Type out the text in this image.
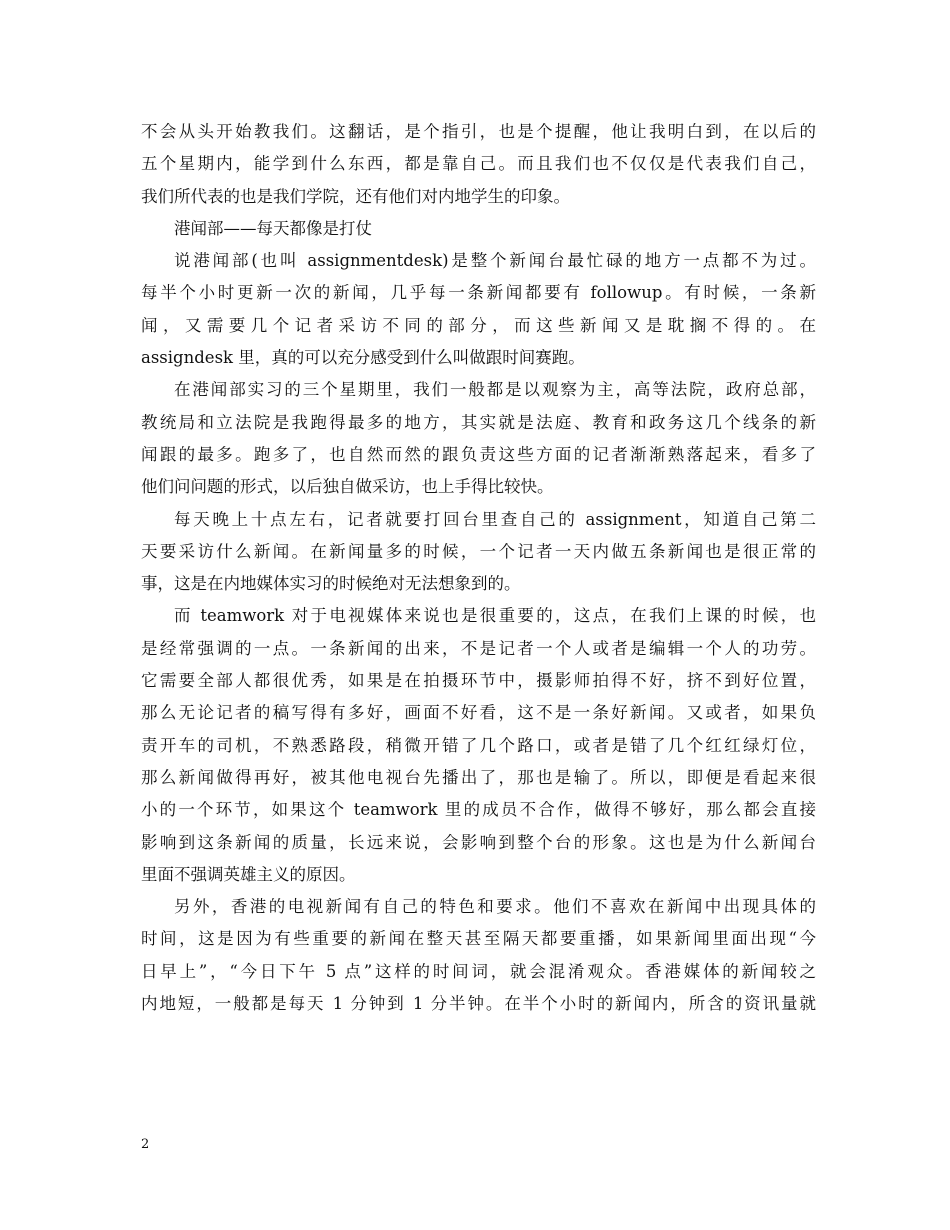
不会从头开始教我们。这翻话，是个指引，也是个提醒，他让我明白到，在以后的
五个星期内，能学到什么东西，都是靠自己。而且我们也不仅仅是代表我们自己，
我们所代表的也是我们学院，还有他们对内地学生的印象。
港闻部——每天都像是打仗
说港闻部(也叫 assignmentdesk)是整个新闻台最忙碌的地方一点都不为过。
每半个小时更新一次的新闻，几乎每一条新闻都要有 followup。有时候，一条新
闻，又需要几个记者采访不同的部分，而这些新闻又是耽搁不得的。在
assigndesk 里，真的可以充分感受到什么叫做跟时间赛跑。
在港闻部实习的三个星期里，我们一般都是以观察为主，高等法院，政府总部，
教统局和立法院是我跑得最多的地方，其实就是法庭、教育和政务这几个线条的新
闻跟的最多。跑多了，也自然而然的跟负责这些方面的记者渐渐熟落起来，看多了
他们问问题的形式，以后独自做采访，也上手得比较快。
每天晚上十点左右，记者就要打回台里查自己的 assignment，知道自己第二
天要采访什么新闻。在新闻量多的时候，一个记者一天内做五条新闻也是很正常的
事，这是在内地媒体实习的时候绝对无法想象到的。
而 teamwork 对于电视媒体来说也是很重要的，这点，在我们上课的时候，也
是经常强调的一点。一条新闻的出来，不是记者一个人或者是编辑一个人的功劳。
它需要全部人都很优秀，如果是在拍摄环节中，摄影师拍得不好，挤不到好位置，
那么无论记者的稿写得有多好，画面不好看，这不是一条好新闻。又或者，如果负
责开车的司机，不熟悉路段，稍微开错了几个路口，或者是错了几个红红绿灯位，
那么新闻做得再好，被其他电视台先播出了，那也是输了。所以，即便是看起来很
小的一个环节，如果这个 teamwork 里的成员不合作，做得不够好，那么都会直接
影响到这条新闻的质量，长远来说，会影响到整个台的形象。这也是为什么新闻台
里面不强调英雄主义的原因。
另外，香港的电视新闻有自己的特色和要求。他们不喜欢在新闻中出现具体的
时间，这是因为有些重要的新闻在整天甚至隔天都要重播，如果新闻里面出现“今
日早上”，“今日下午 5 点”这样的时间词，就会混淆观众。香港媒体的新闻较之
内地短，一般都是每天 1 分钟到 1 分半钟。在半个小时的新闻内，所含的资讯量就
2
